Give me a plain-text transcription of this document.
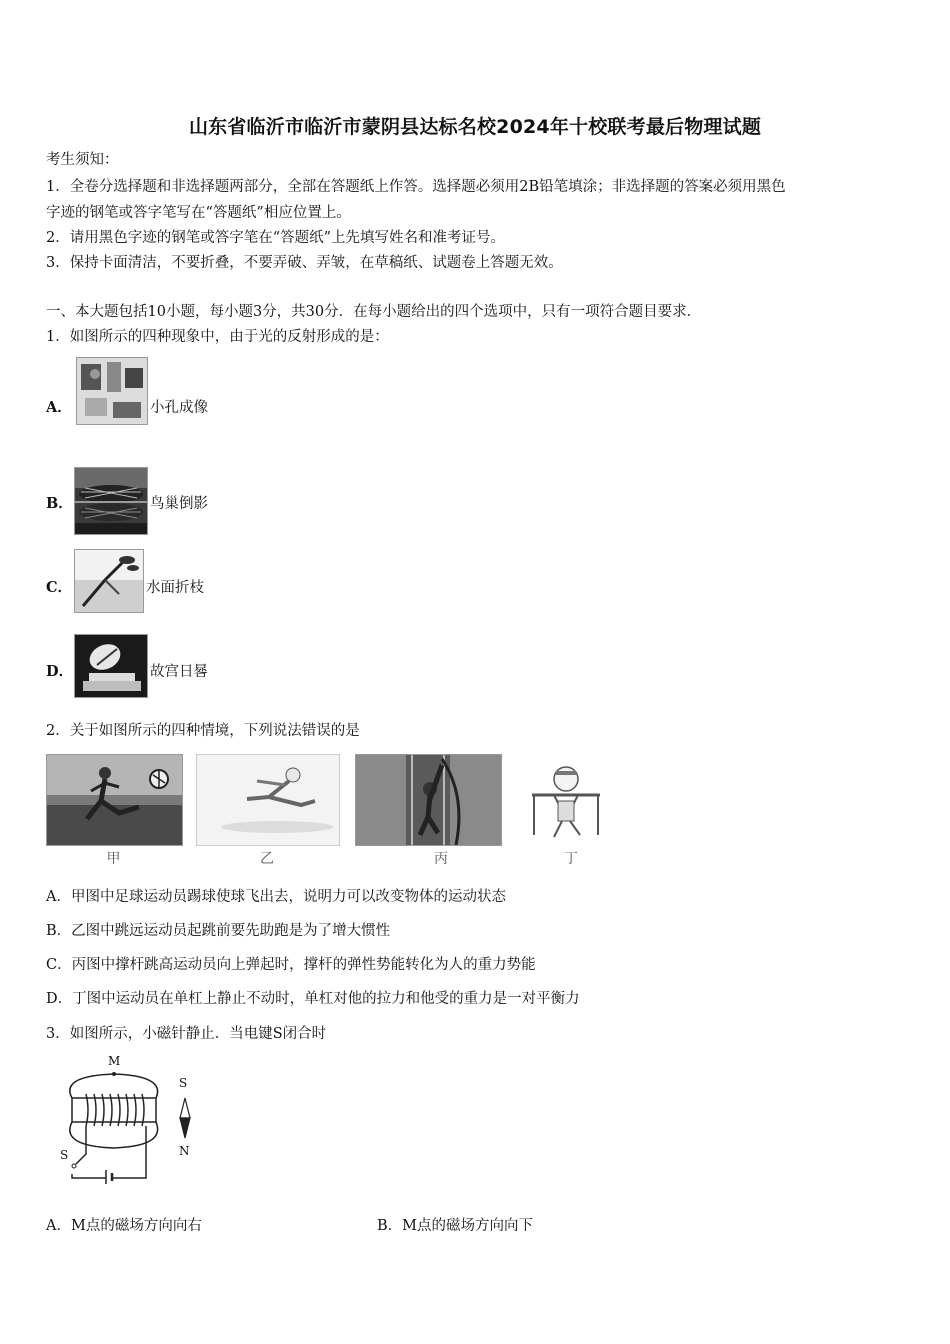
山东省临沂市临沂市蒙阴县达标名校2024年十校联考最后物理试题
考生须知：
1．全卷分选择题和非选择题两部分，全部在答题纸上作答。选择题必须用2B铅笔填涂；非选择题的答案必须用黑色
字迹的钢笔或答字笔写在“答题纸”相应位置上。
2．请用黑色字迹的钢笔或答字笔在“答题纸”上先填写姓名和准考证号。
3．保持卡面清洁，不要折叠，不要弄破、弄皱，在草稿纸、试题卷上答题无效。
一、本大题包括10小题，每小题3分，共30分．在每小题给出的四个选项中，只有一项符合题目要求．
1．如图所示的四种现象中，由于光的反射形成的是：
A．	小孔成像
B．	鸟巢倒影
C．	水面折枝
D．	故宫日晷
2．关于如图所示的四种情境，下列说法错误的是
甲	乙	丙	丁
A．甲图中足球运动员踢球使球飞出去，说明力可以改变物体的运动状态
B．乙图中跳远运动员起跳前要先助跑是为了增大惯性
C．丙图中撑杆跳高运动员向上弹起时，撑杆的弹性势能转化为人的重力势能
D．丁图中运动员在单杠上静止不动时，单杠对他的拉力和他受的重力是一对平衡力
3．如图所示，小磁针静止．当电键S闭合时
M
S
N
S
A．M点的磁场方向向右	B．M点的磁场方向向下
